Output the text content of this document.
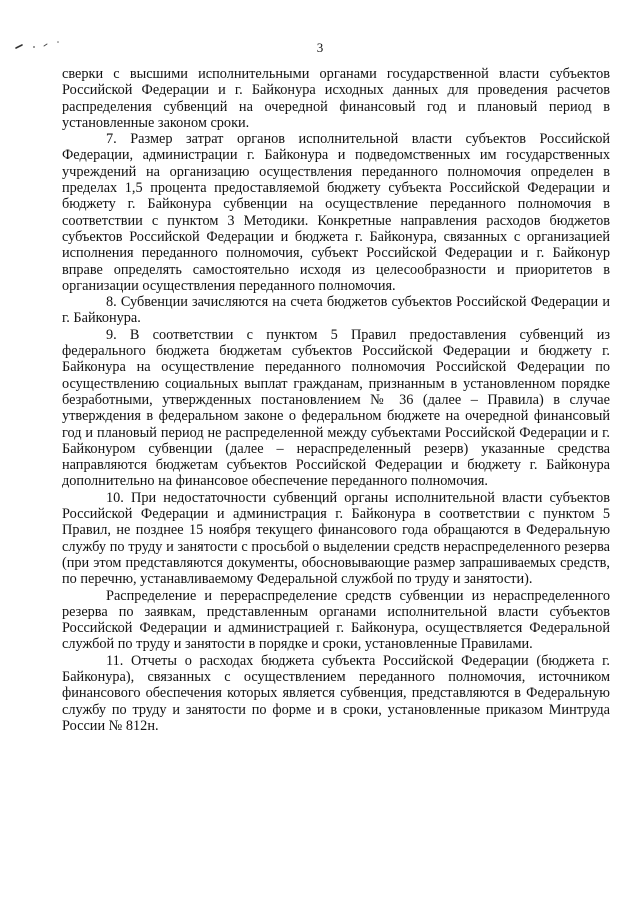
3

сверки с высшими исполнительными органами государственной власти субъектов Российской Федерации и г. Байконура исходных данных для проведения расчетов распределения субвенций на очередной финансовый год и плановый период в установленные законом сроки.

7. Размер затрат органов исполнительной власти субъектов Российской Федерации, администрации г. Байконура и подведомственных им государственных учреждений на организацию осуществления переданного полномочия определен в пределах 1,5 процента предоставляемой бюджету субъекта Российской Федерации и бюджету г. Байконура субвенции на осуществление переданного полномочия в соответствии с пунктом 3 Методики. Конкретные направления расходов бюджетов субъектов Российской Федерации и бюджета г. Байконура, связанных с организацией исполнения переданного полномочия, субъект Российской Федерации и г. Байконур вправе определять самостоятельно исходя из целесообразности и приоритетов в организации осуществления переданного полномочия.

8. Субвенции зачисляются на счета бюджетов субъектов Российской Федерации и г. Байконура.

9. В соответствии с пунктом 5 Правил предоставления субвенций из федерального бюджета бюджетам субъектов Российской Федерации и бюджету г. Байконура на осуществление переданного полномочия Российской Федерации по осуществлению социальных выплат гражданам, признанным в установленном порядке безработными, утвержденных постановлением № 36 (далее – Правила) в случае утверждения в федеральном законе о федеральном бюджете на очередной финансовый год и плановый период не распределенной между субъектами Российской Федерации и г. Байконуром субвенции (далее – нераспределенный резерв) указанные средства направляются бюджетам субъектов Российской Федерации и бюджету г. Байконура дополнительно на финансовое обеспечение переданного полномочия.

10. При недостаточности субвенций органы исполнительной власти субъектов Российской Федерации и администрация г. Байконура в соответствии с пунктом 5 Правил, не позднее 15 ноября текущего финансового года обращаются в Федеральную службу по труду и занятости с просьбой о выделении средств нераспределенного резерва (при этом представляются документы, обосновывающие размер запрашиваемых средств, по перечню, устанавливаемому Федеральной службой по труду и занятости).

Распределение и перераспределение средств субвенции из нераспределенного резерва по заявкам, представленным органами исполнительной власти субъектов Российской Федерации и администрацией г. Байконура, осуществляется Федеральной службой по труду и занятости в порядке и сроки, установленные Правилами.

11. Отчеты о расходах бюджета субъекта Российской Федерации (бюджета г. Байконура), связанных с осуществлением переданного полномочия, источником финансового обеспечения которых является субвенция, представляются в Федеральную службу по труду и занятости по форме и в сроки, установленные приказом Минтруда России № 812н.
